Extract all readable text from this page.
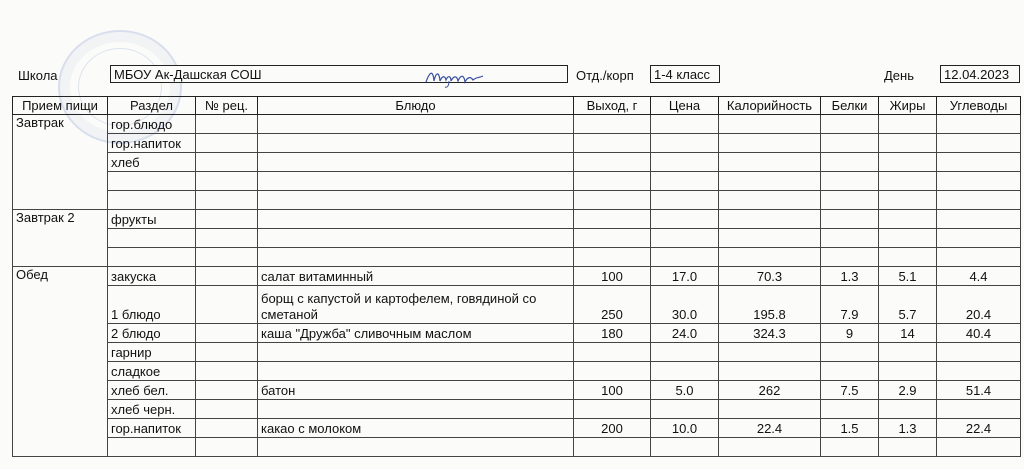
Школа	МБОУ Ак-Дашская СОШ	Отд./корп	1-4 класс	День	12.04.2023
Прием пищи	Раздел	№ рец.	Блюдо	Выход, г	Цена	Калорийность	Белки	Жиры	Углеводы
Завтрак	гор.блюдо								
	гор.напиток								
	хлеб								

Завтрак 2	фрукты								

Обед	закуска		салат витаминный	100	17.0	70.3	1.3	5.1	4.4
	1 блюдо		борщ с капустой и картофелем, говядиной со сметаной	250	30.0	195.8	7.9	5.7	20.4
	2 блюдо		каша "Дружба" сливочным маслом	180	24.0	324.3	9	14	40.4
	гарнир								
	сладкое								
	хлеб бел.		батон	100	5.0	262	7.5	2.9	51.4
	хлеб черн.								
	гор.напиток		какао с молоком	200	10.0	22.4	1.5	1.3	22.4
